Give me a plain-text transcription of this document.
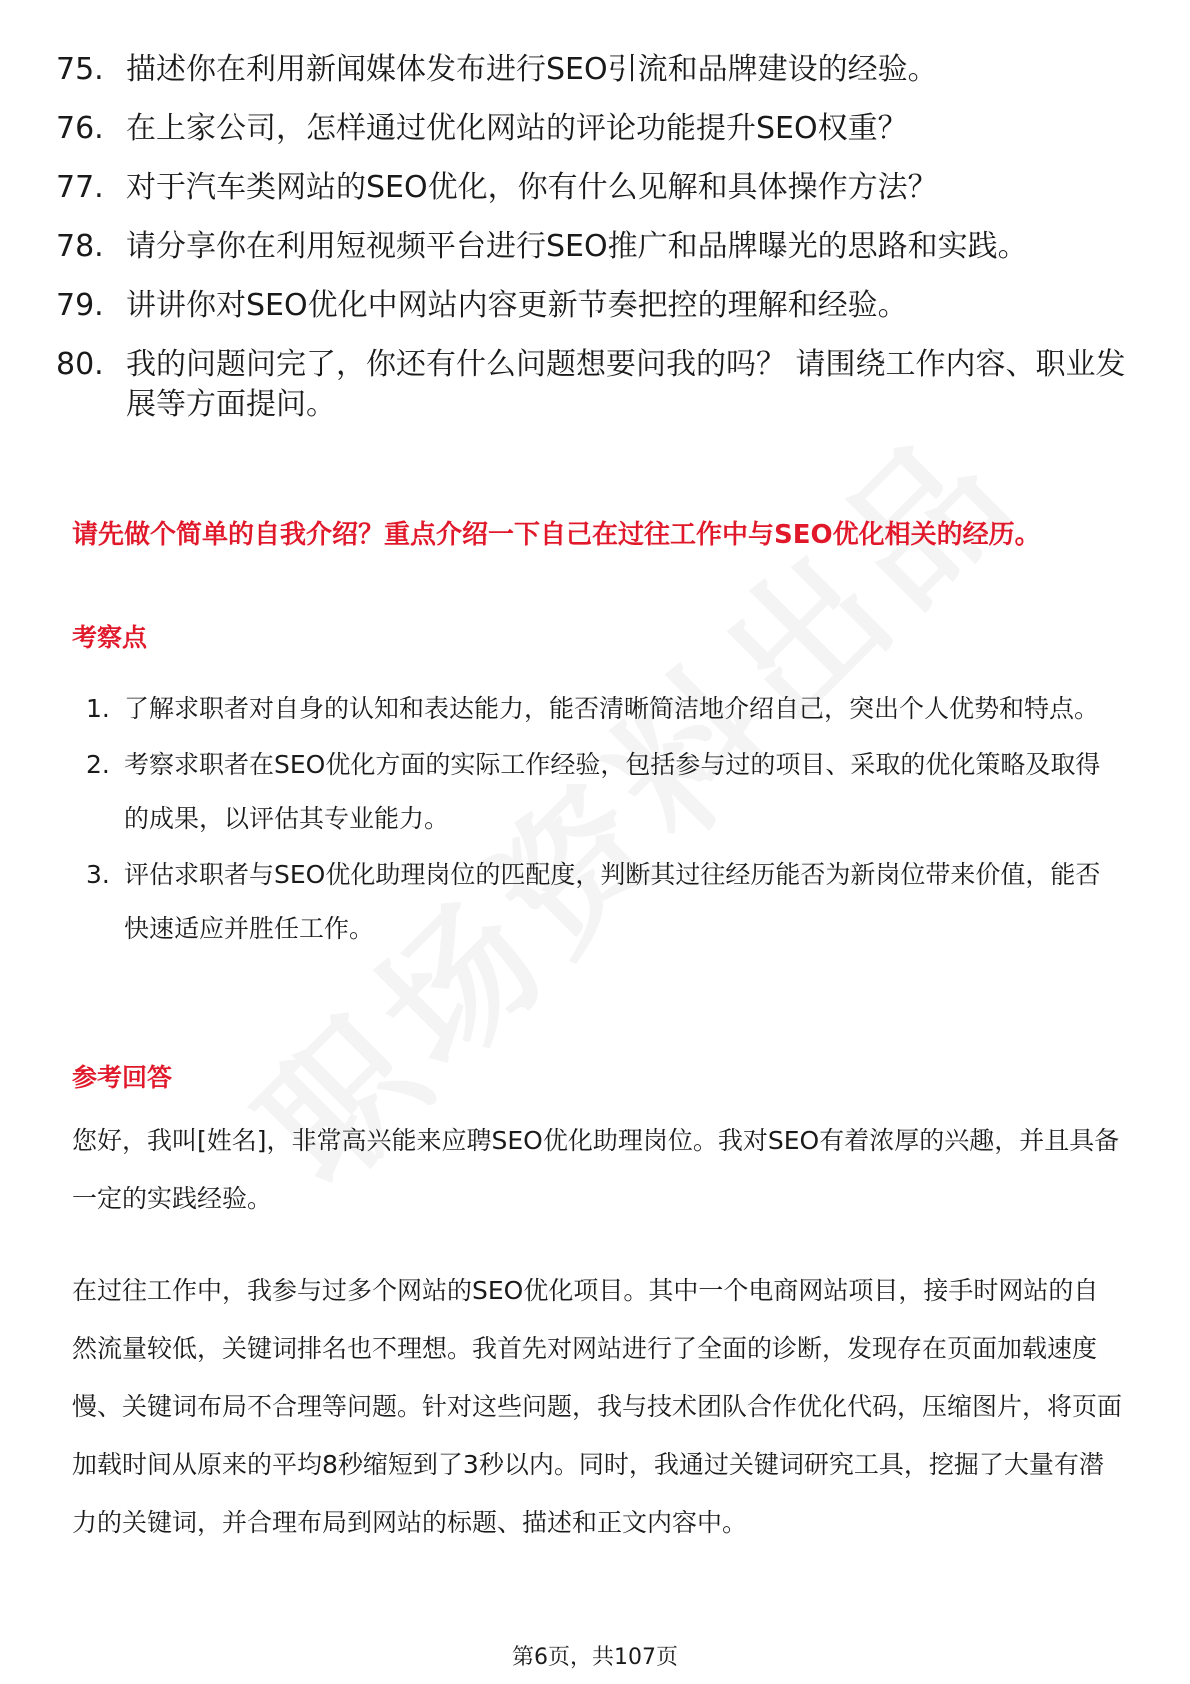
75. 描述你在利用新闻媒体发布进行SEO引流和品牌建设的经验。
76. 在上家公司，怎样通过优化网站的评论功能提升SEO权重？
77. 对于汽车类网站的SEO优化，你有什么见解和具体操作方法？
78. 请分享你在利用短视频平台进行SEO推广和品牌曝光的思路和实践。
79. 讲讲你对SEO优化中网站内容更新节奏把控的理解和经验。
80. 我的问题问完了，你还有什么问题想要问我的吗？ 请围绕工作内容、职业发展等方面提问。
请先做个简单的自我介绍？重点介绍一下自己在过往工作中与SEO优化相关的经历。
考察点
1. 了解求职者对自身的认知和表达能力，能否清晰简洁地介绍自己，突出个人优势和特点。
2. 考察求职者在SEO优化方面的实际工作经验，包括参与过的项目、采取的优化策略及取得的成果，以评估其专业能力。
3. 评估求职者与SEO优化助理岗位的匹配度，判断其过往经历能否为新岗位带来价值，能否快速适应并胜任工作。
参考回答

您好，我叫[姓名]，非常高兴能来应聘SEO优化助理岗位。我对SEO有着浓厚的兴趣，并且具备一定的实践经验。

在过往工作中，我参与过多个网站的SEO优化项目。其中一个电商网站项目，接手时网站的自然流量较低，关键词排名也不理想。我首先对网站进行了全面的诊断，发现存在页面加载速度慢、关键词布局不合理等问题。针对这些问题，我与技术团队合作优化代码，压缩图片，将页面加载时间从原来的平均8秒缩短到了3秒以内。同时，我通过关键词研究工具，挖掘了大量有潜力的关键词，并合理布局到网站的标题、描述和正文内容中。

第6页，共107页
